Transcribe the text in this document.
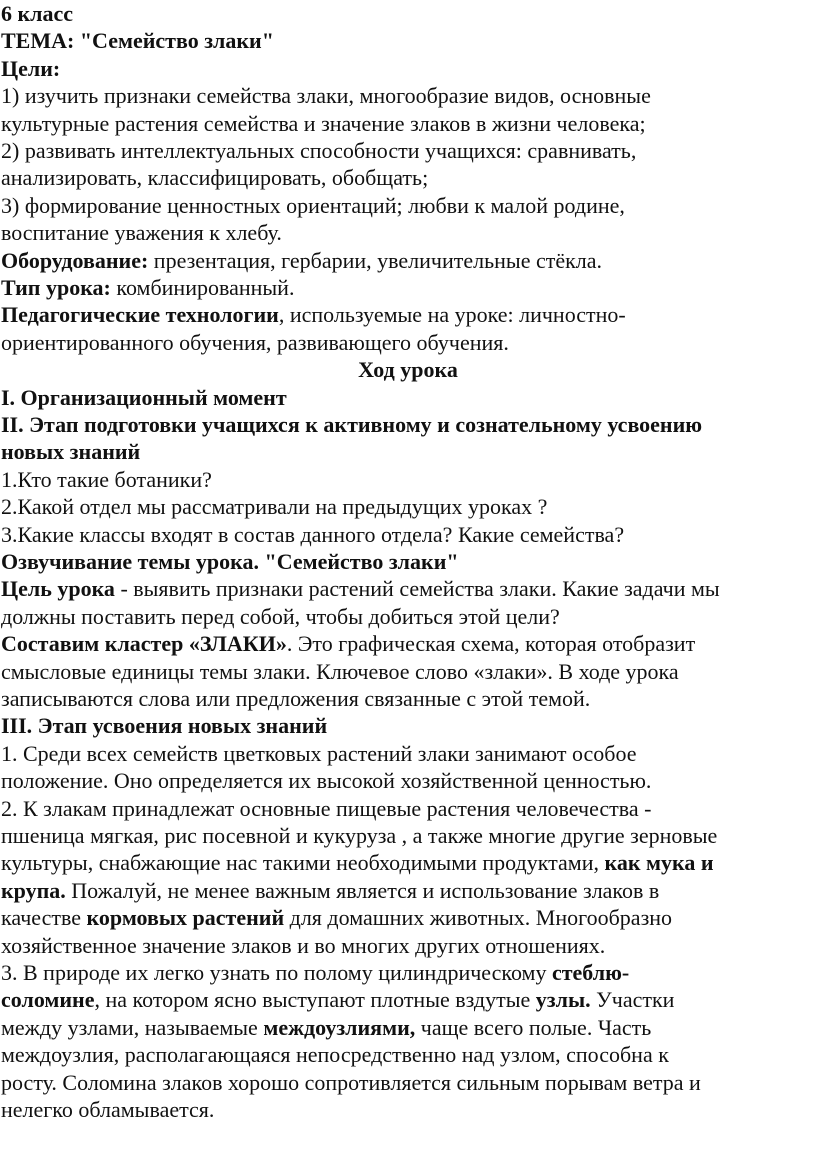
6 класс
ТЕМА: "Семейство злаки"
Цели:
1) изучить признаки семейства злаки, многообразие видов, основные
культурные растения семейства и значение злаков в жизни человека;
2) развивать интеллектуальных способности учащихся: сравнивать,
анализировать, классифицировать, обобщать;
3) формирование ценностных ориентаций; любви к малой родине,
воспитание уважения к хлебу.
Оборудование: презентация, гербарии, увеличительные стёкла.
Тип урока: комбинированный.
Педагогические технологии, используемые на уроке: личностно-
ориентированного обучения, развивающего обучения.
Ход урока
I. Организационный момент
II. Этап подготовки учащихся к активному и сознательному усвоению
новых знаний
1.Кто такие ботаники?
2.Какой отдел мы рассматривали на предыдущих уроках ?
3.Какие классы входят в состав данного отдела? Какие семейства?
Озвучивание темы урока. "Семейство злаки"
Цель урока - выявить признаки растений семейства злаки. Какие задачи мы
должны поставить перед собой, чтобы добиться этой цели?
Составим кластер «ЗЛАКИ». Это графическая схема, которая отобразит
смысловые единицы темы злаки. Ключевое слово «злаки». В ходе урока
записываются слова или предложения связанные с этой темой.
III. Этап усвоения новых знаний
1. Среди всех семейств цветковых растений злаки занимают особое
положение. Оно определяется их высокой хозяйственной ценностью.
2. К злакам принадлежат основные пищевые растения человечества -
пшеница мягкая, рис посевной и кукуруза , а также многие другие зерновые
культуры, снабжающие нас такими необходимыми продуктами, как мука и
крупа. Пожалуй, не менее важным является и использование злаков в
качестве кормовых растений для домашних животных. Многообразно
хозяйственное значение злаков и во многих других отношениях.
3. В природе их легко узнать по полому цилиндрическому стеблю-
соломине, на котором ясно выступают плотные вздутые узлы. Участки
между узлами, называемые междоузлиями, чаще всего полые. Часть
междоузлия, располагающаяся непосредственно над узлом, способна к
росту. Соломина злаков хорошо сопротивляется сильным порывам ветра и
нелегко обламывается.
